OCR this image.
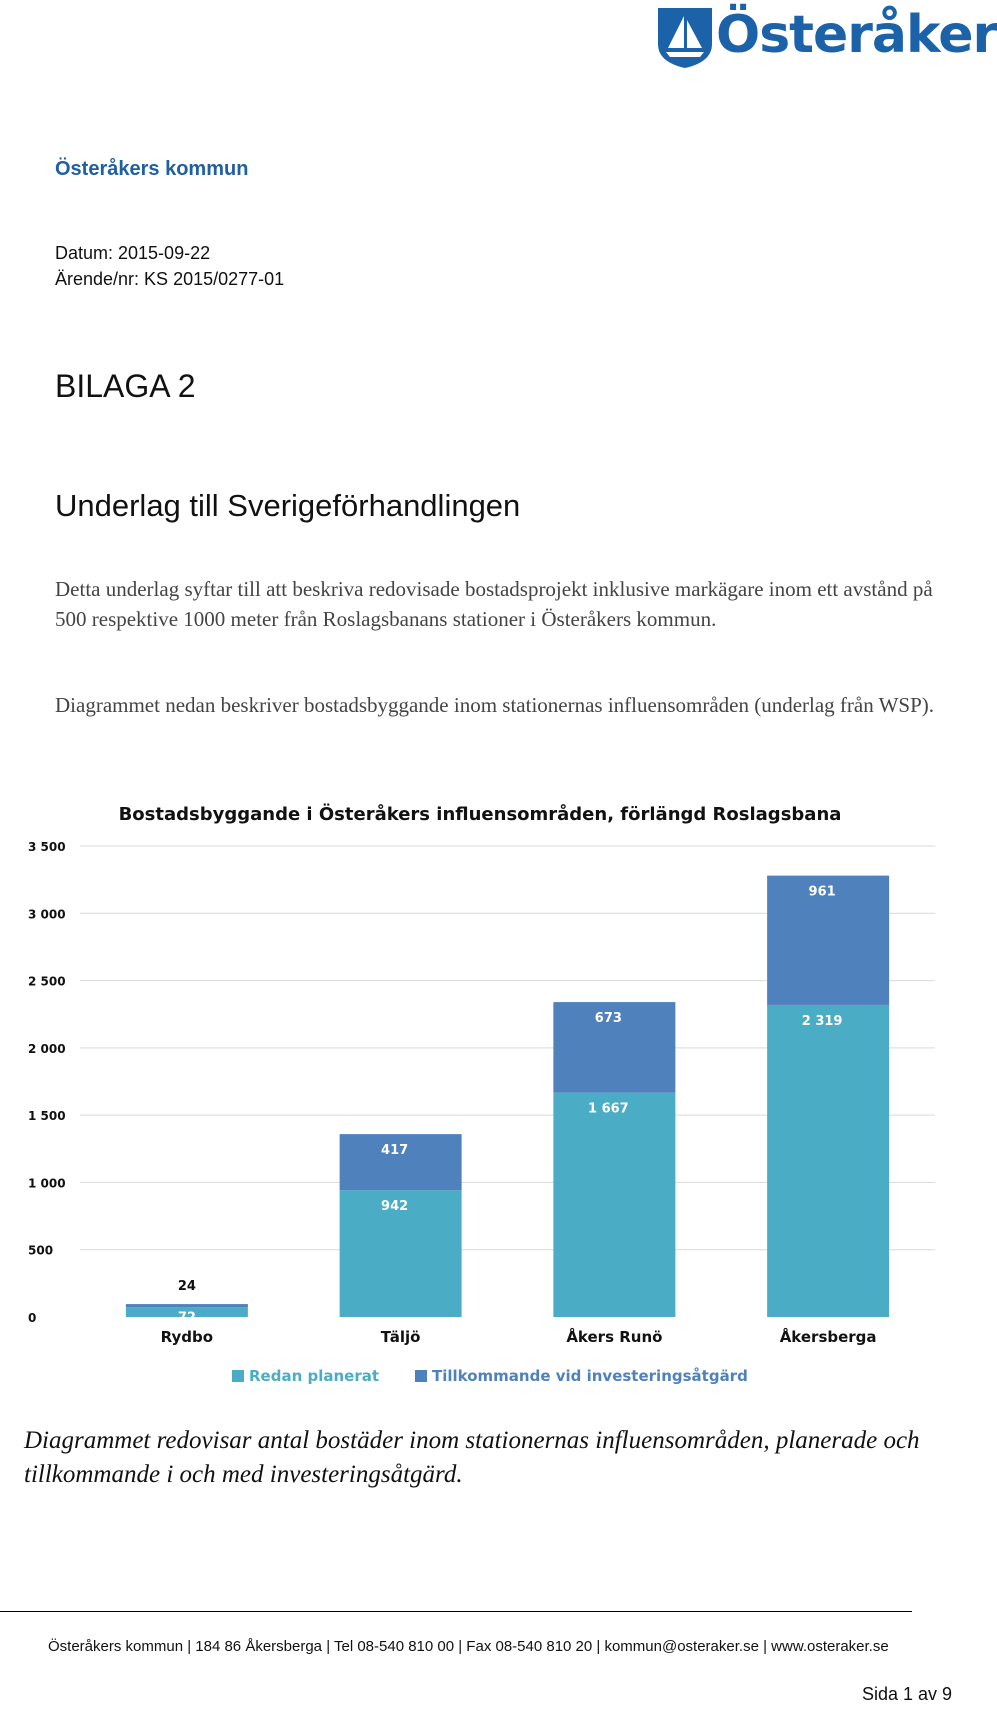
Österåker
Österåkers kommun
Datum: 2015-09-22
Ärende/nr: KS 2015/0277-01
BILAGA 2
Underlag till Sverigeförhandlingen

Detta underlag syftar till att beskriva redovisade bostadsprojekt inklusive markägare inom ett avstånd på 500 respektive 1000 meter från Roslagsbanans stationer i Österåkers kommun.

Diagrammet nedan beskriver bostadsbyggande inom stationernas influensområden (underlag från WSP).

Bostadsbyggande i Österåkers influensområden, förlängd Roslagsbana
0
500
1 000
1 500
2 000
2 500
3 000
3 500
72
24
Rydbo
942
417
Täljö
1 667
673
Åkers Runö
2 319
961
Åkersberga
Redan planerat	Tillkommande vid investeringsåtgärd
Diagrammet redovisar antal bostäder inom stationernas influensområden, planerade och tillkommande i och med investeringsåtgärd.
Österåkers kommun | 184 86 Åkersberga | Tel 08-540 810 00 | Fax 08-540 810 20 | kommun@osteraker.se | www.osteraker.se
Sida 1 av 9
